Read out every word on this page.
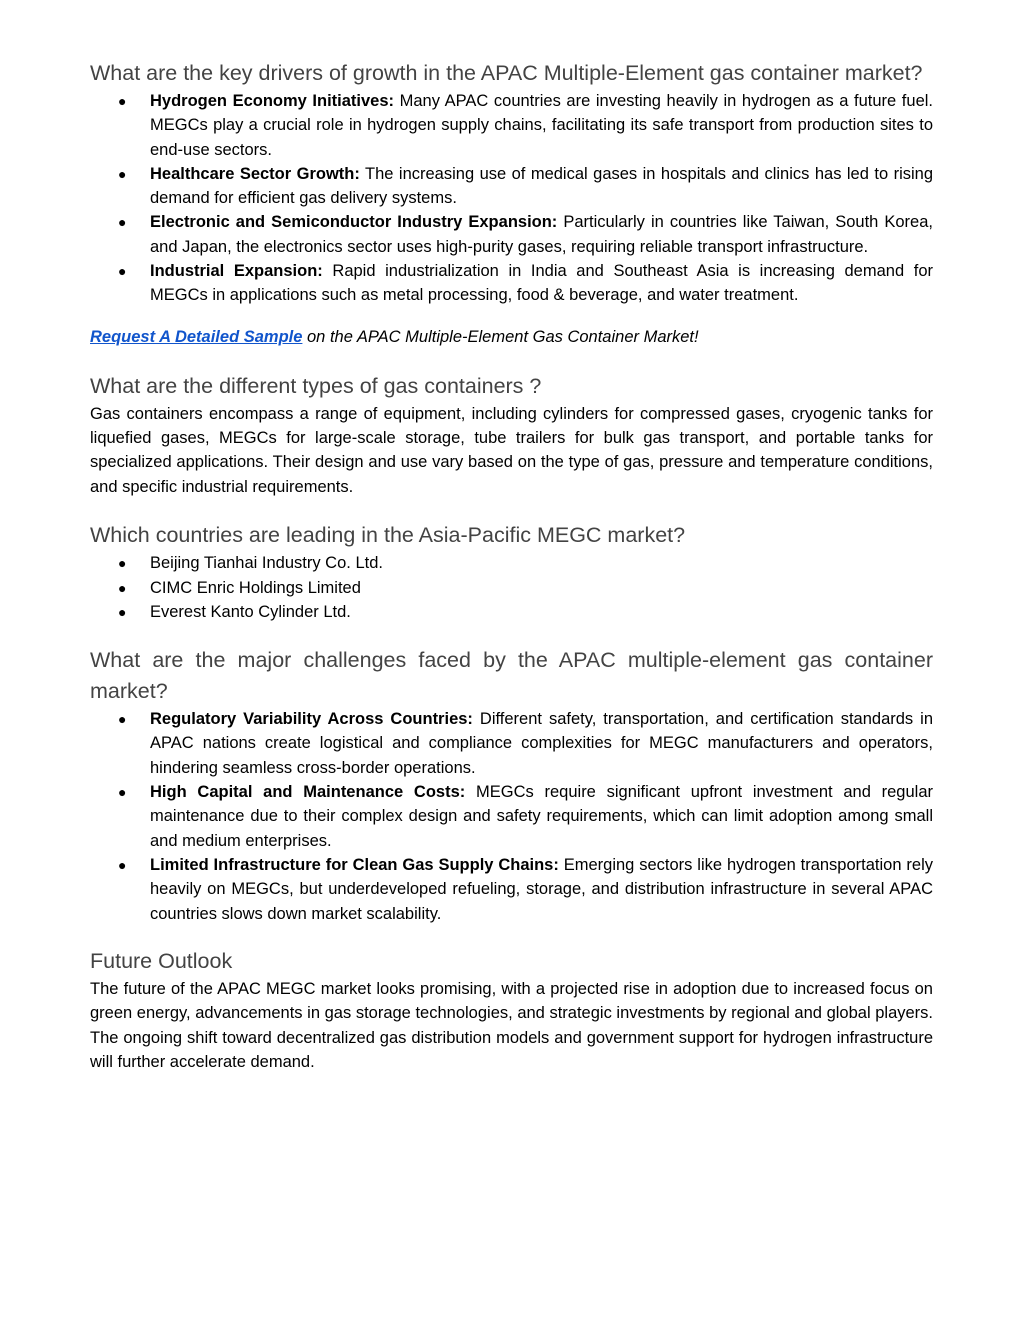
What are the key drivers of growth in the APAC Multiple-Element gas container market?
● Hydrogen Economy Initiatives: Many APAC countries are investing heavily in hydrogen as a future fuel. MEGCs play a crucial role in hydrogen supply chains, facilitating its safe transport from production sites to end-use sectors.
● Healthcare Sector Growth: The increasing use of medical gases in hospitals and clinics has led to rising demand for efficient gas delivery systems.
● Electronic and Semiconductor Industry Expansion: Particularly in countries like Taiwan, South Korea, and Japan, the electronics sector uses high-purity gases, requiring reliable transport infrastructure.
● Industrial Expansion: Rapid industrialization in India and Southeast Asia is increasing demand for MEGCs in applications such as metal processing, food & beverage, and water treatment.

Request A Detailed Sample on the APAC Multiple-Element Gas Container Market!

What are the different types of gas containers ?

Gas containers encompass a range of equipment, including cylinders for compressed gases, cryogenic tanks for liquefied gases, MEGCs for large-scale storage, tube trailers for bulk gas transport, and portable tanks for specialized applications. Their design and use vary based on the type of gas, pressure and temperature conditions, and specific industrial requirements.

Which countries are leading in the Asia-Pacific MEGC market?
● Beijing Tianhai Industry Co. Ltd.
● CIMC Enric Holdings Limited
● Everest Kanto Cylinder Ltd.
What are the major challenges faced by the APAC multiple-element gas container market?
● Regulatory Variability Across Countries: Different safety, transportation, and certification standards in APAC nations create logistical and compliance complexities for MEGC manufacturers and operators, hindering seamless cross-border operations.
● High Capital and Maintenance Costs: MEGCs require significant upfront investment and regular maintenance due to their complex design and safety requirements, which can limit adoption among small and medium enterprises.
● Limited Infrastructure for Clean Gas Supply Chains: Emerging sectors like hydrogen transportation rely heavily on MEGCs, but underdeveloped refueling, storage, and distribution infrastructure in several APAC countries slows down market scalability.
Future Outlook

The future of the APAC MEGC market looks promising, with a projected rise in adoption due to increased focus on green energy, advancements in gas storage technologies, and strategic investments by regional and global players. The ongoing shift toward decentralized gas distribution models and government support for hydrogen infrastructure will further accelerate demand.
